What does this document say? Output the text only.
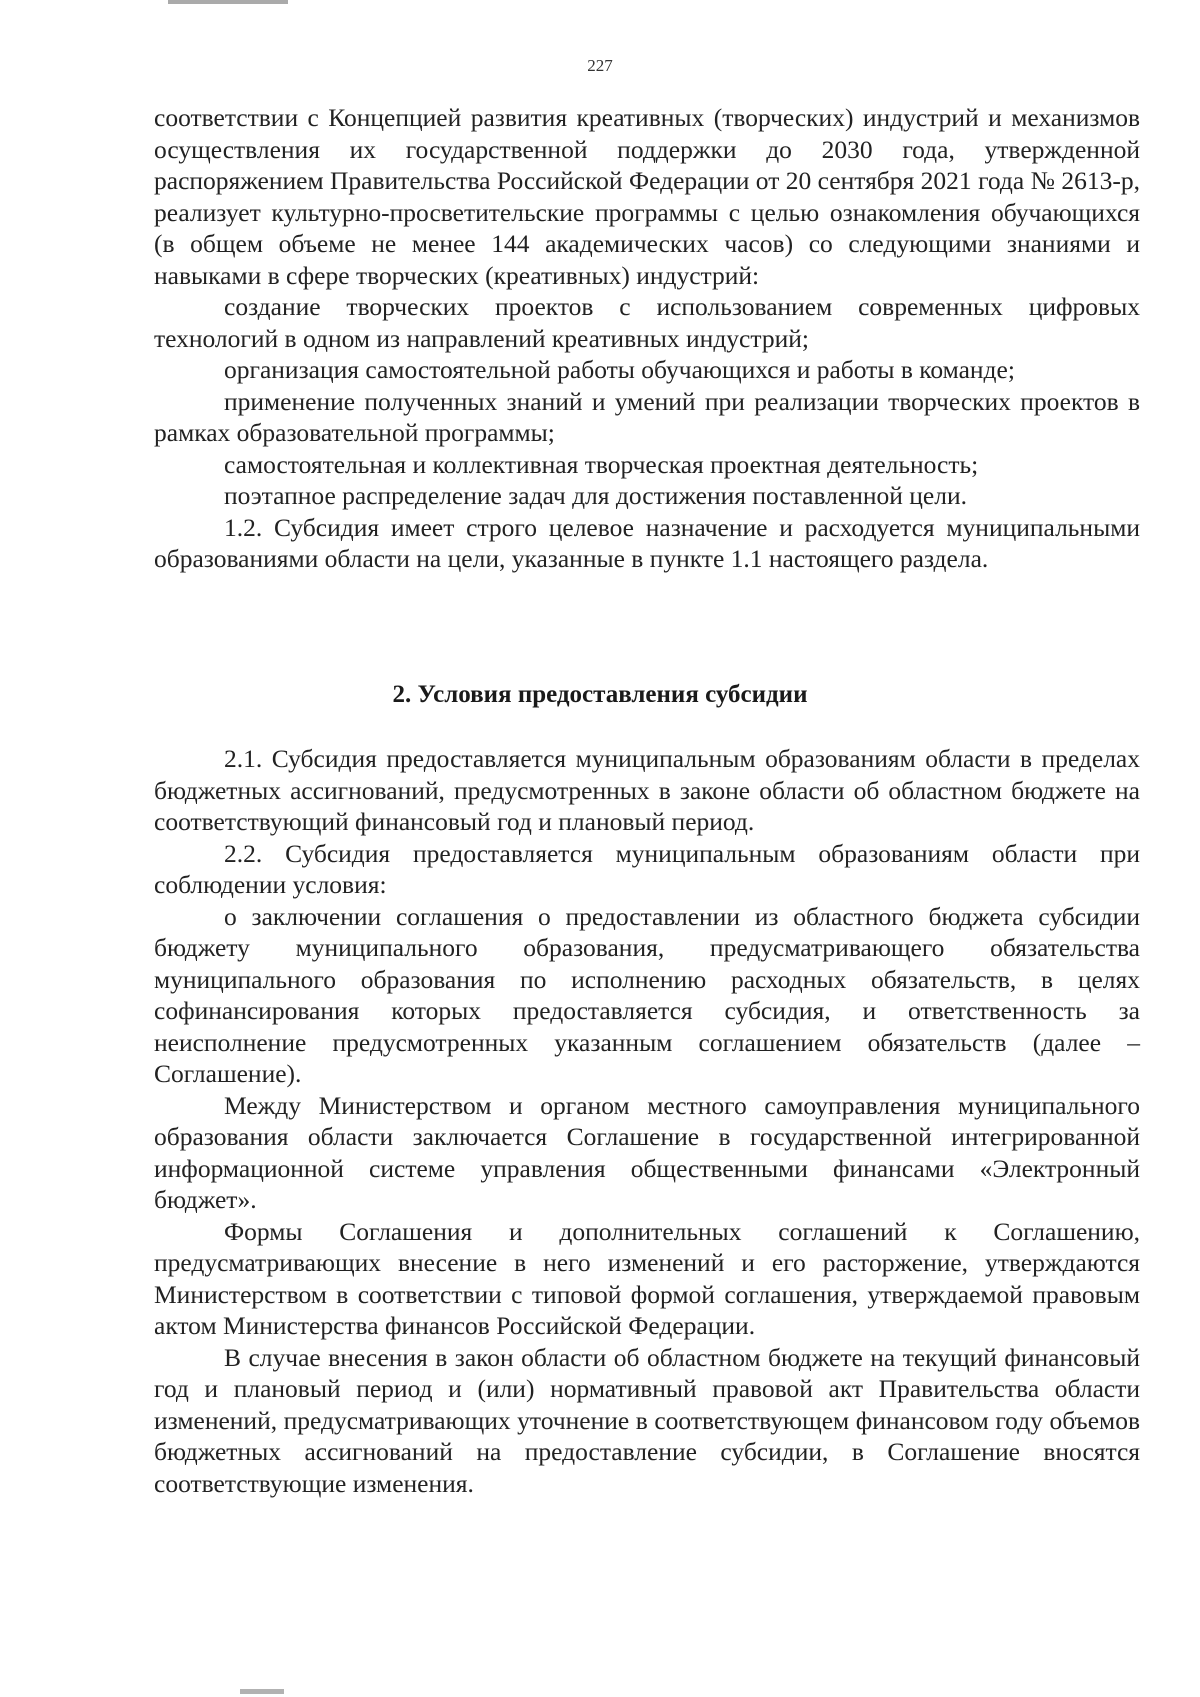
227

соответствии с Концепцией развития креативных (творческих) индустрий и механизмов осуществления их государственной поддержки до 2030 года, утвержденной распоряжением Правительства Российской Федерации от 20 сентября 2021 года № 2613-р, реализует культурно-просветительские программы с целью ознакомления обучающихся (в общем объеме не менее 144 академических часов) со следующими знаниями и навыками в сфере творческих (креативных) индустрий:

создание творческих проектов с использованием современных цифровых технологий в одном из направлений креативных индустрий;

организация самостоятельной работы обучающихся и работы в команде;

применение полученных знаний и умений при реализации творческих проектов в рамках образовательной программы;

самостоятельная и коллективная творческая проектная деятельность;

поэтапное распределение задач для достижения поставленной цели.

1.2. Субсидия имеет строго целевое назначение и расходуется муниципальными образованиями области на цели, указанные в пункте 1.1 настоящего раздела.

2. Условия предоставления субсидии

2.1. Субсидия предоставляется муниципальным образованиям области в пределах бюджетных ассигнований, предусмотренных в законе области об областном бюджете на соответствующий финансовый год и плановый период.

2.2. Субсидия предоставляется муниципальным образованиям области при соблюдении условия:

о заключении соглашения о предоставлении из областного бюджета субсидии бюджету муниципального образования, предусматривающего обязательства муниципального образования по исполнению расходных обязательств, в целях софинансирования которых предоставляется субсидия, и ответственность за неисполнение предусмотренных указанным соглашением обязательств (далее – Соглашение).

Между Министерством и органом местного самоуправления муниципального образования области заключается Соглашение в государственной интегрированной информационной системе управления общественными финансами «Электронный бюджет».

Формы Соглашения и дополнительных соглашений к Соглашению, предусматривающих внесение в него изменений и его расторжение, утверждаются Министерством в соответствии с типовой формой соглашения, утверждаемой правовым актом Министерства финансов Российской Федерации.

В случае внесения в закон области об областном бюджете на текущий финансовый год и плановый период и (или) нормативный правовой акт Правительства области изменений, предусматривающих уточнение в соответствующем финансовом году объемов бюджетных ассигнований на предоставление субсидии, в Соглашение вносятся соответствующие изменения.
